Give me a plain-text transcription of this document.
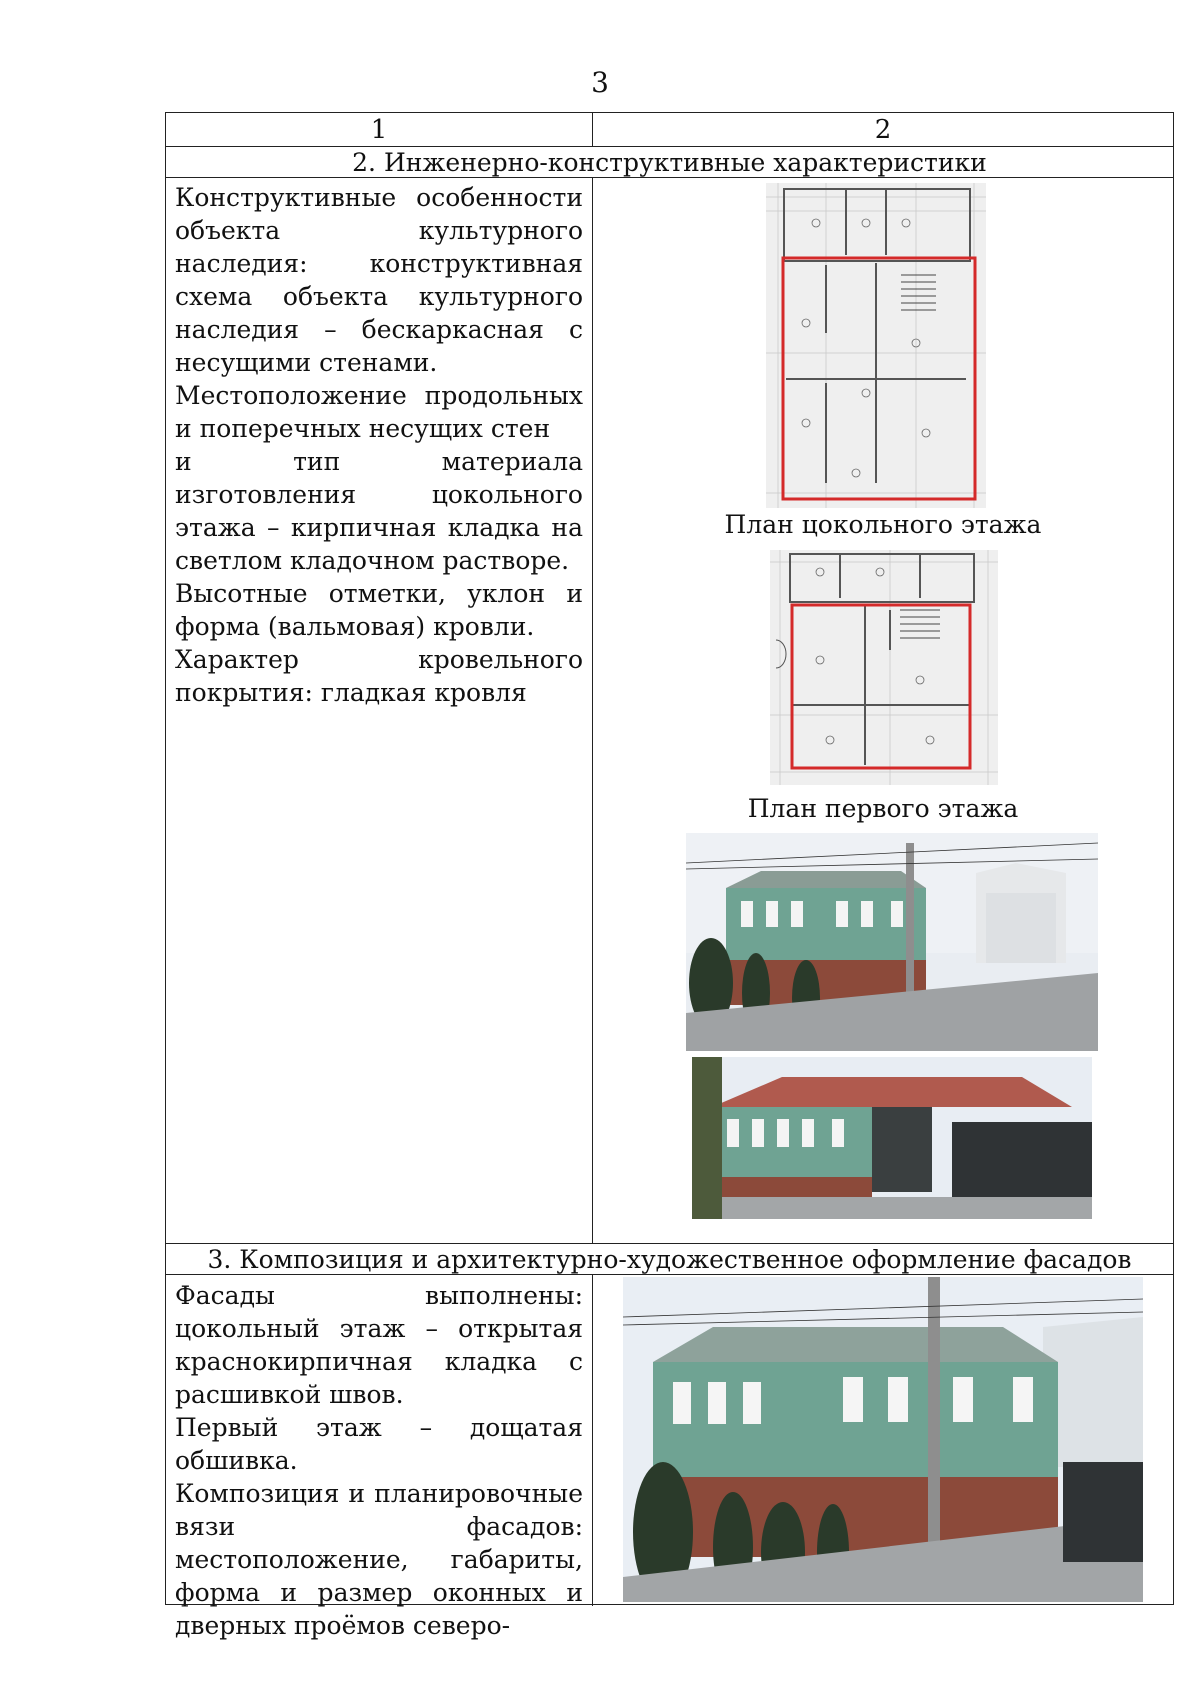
3
1	2
2. Инженерно-конструктивные характеристики

Конструктивные особенности объекта культурного наследия: конструктивная схема объекта культурного наследия – бескаркасная с несущими стенами.

Местоположение продольных и поперечных несущих стен

и тип материала изготовления цокольного этажа – кирпичная кладка на светлом кладочном растворе.

Высотные отметки, уклон и форма (вальмовая) кровли.

Характер кровельного покрытия: гладкая кровля

План цокольного этажа
План первого этажа
3. Композиция и архитектурно-художественное оформление фасадов

Фасады выполнены: цокольный этаж – открытая краснокирпичная кладка с расшивкой швов.

Первый этаж – дощатая обшивка.

Композиция и планировочные вязи фасадов: местоположение, габариты, форма и размер оконных и дверных проёмов северо-
